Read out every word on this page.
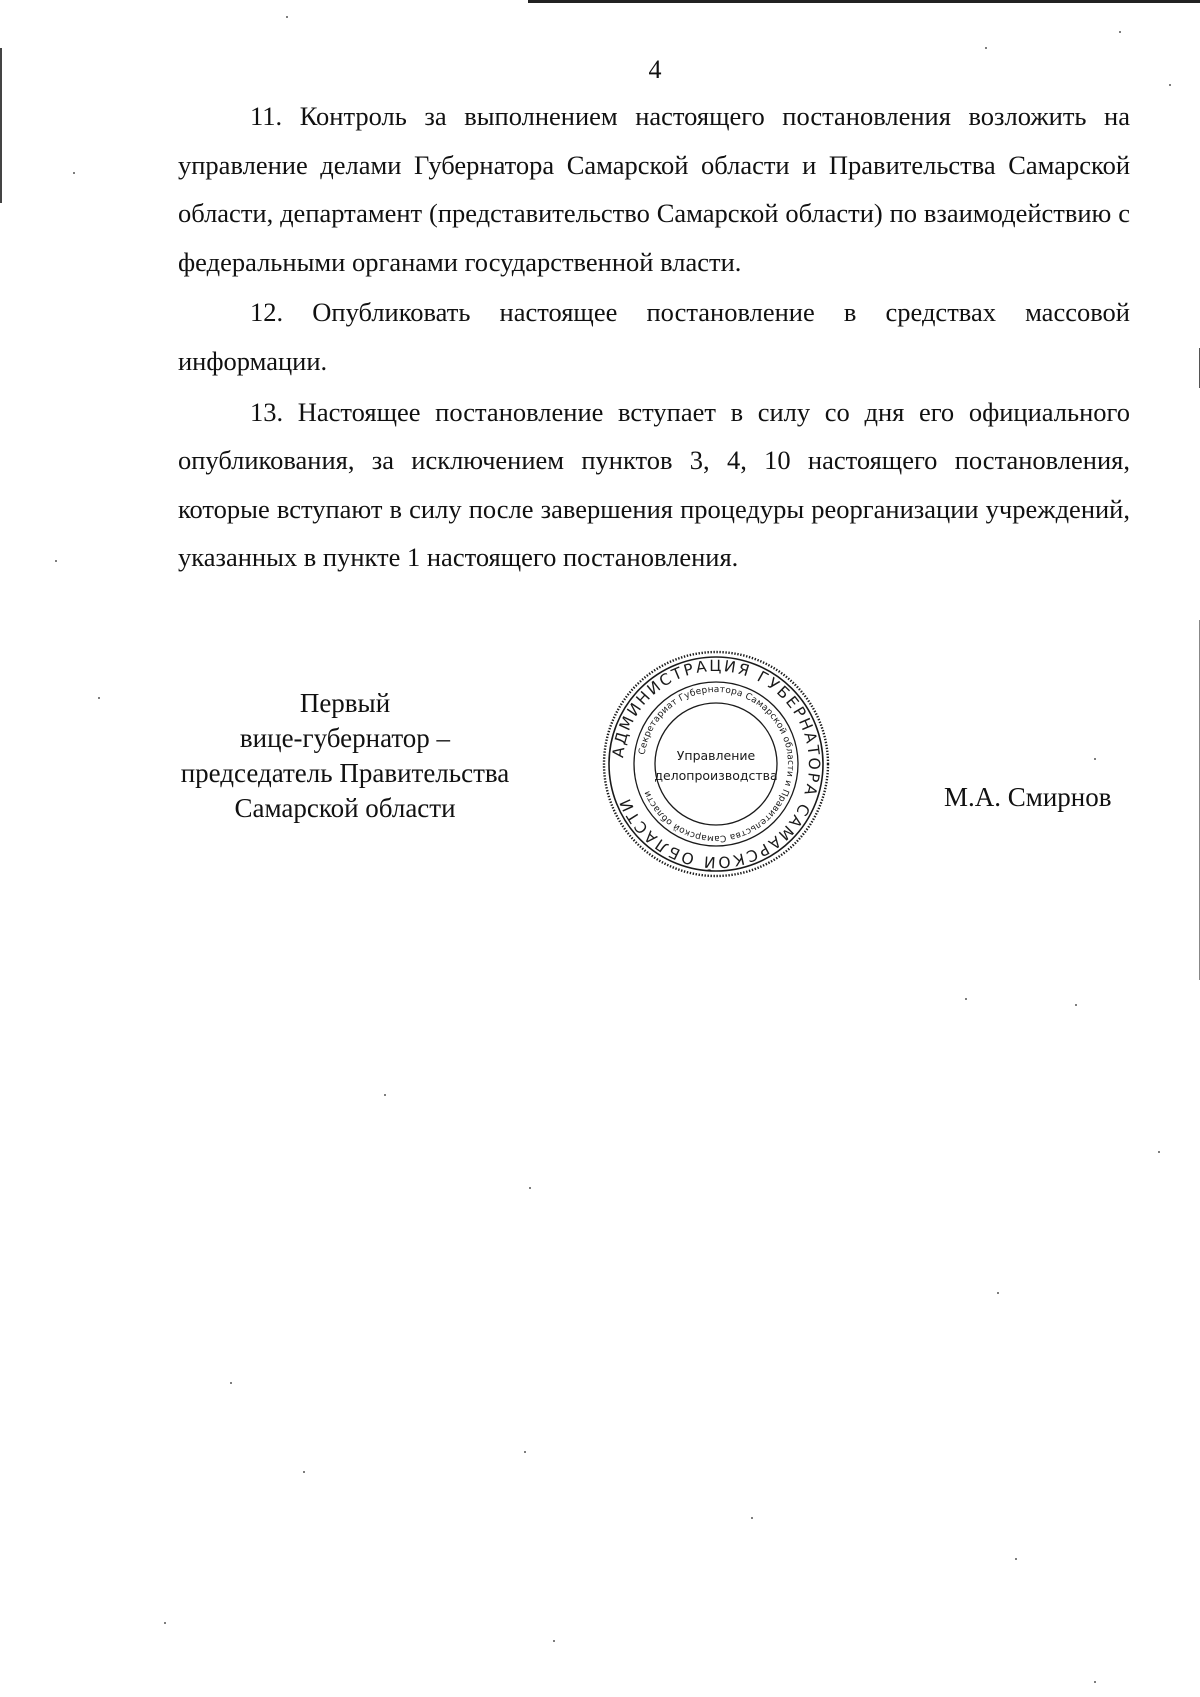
4

11. Контроль за выполнением настоящего постановления возложить на управление делами Губернатора Самарской области и Правительства Самарской области, департамент (представительство Самарской области) по взаимодействию с федеральными органами государственной власти.

12. Опубликовать настоящее постановление в средствах массовой информации.

13. Настоящее постановление вступает в силу со дня его официального опубликования, за исключением пунктов 3, 4, 10 настоящего постановления, которые вступают в силу после завершения процедуры реорганизации учреждений, указанных в пункте 1 настоящего постановления.

Первый
вице-губернатор –
председатель Правительства
Самарской области	М.А. Смирнов
АДМИНИСТРАЦИЯ ГУБЕРНАТОРА САМАРСКОЙ ОБЛАСТИ
Секретариат Губернатора Самарской области и Правительства Самарской области
Управление
делопроизводства
